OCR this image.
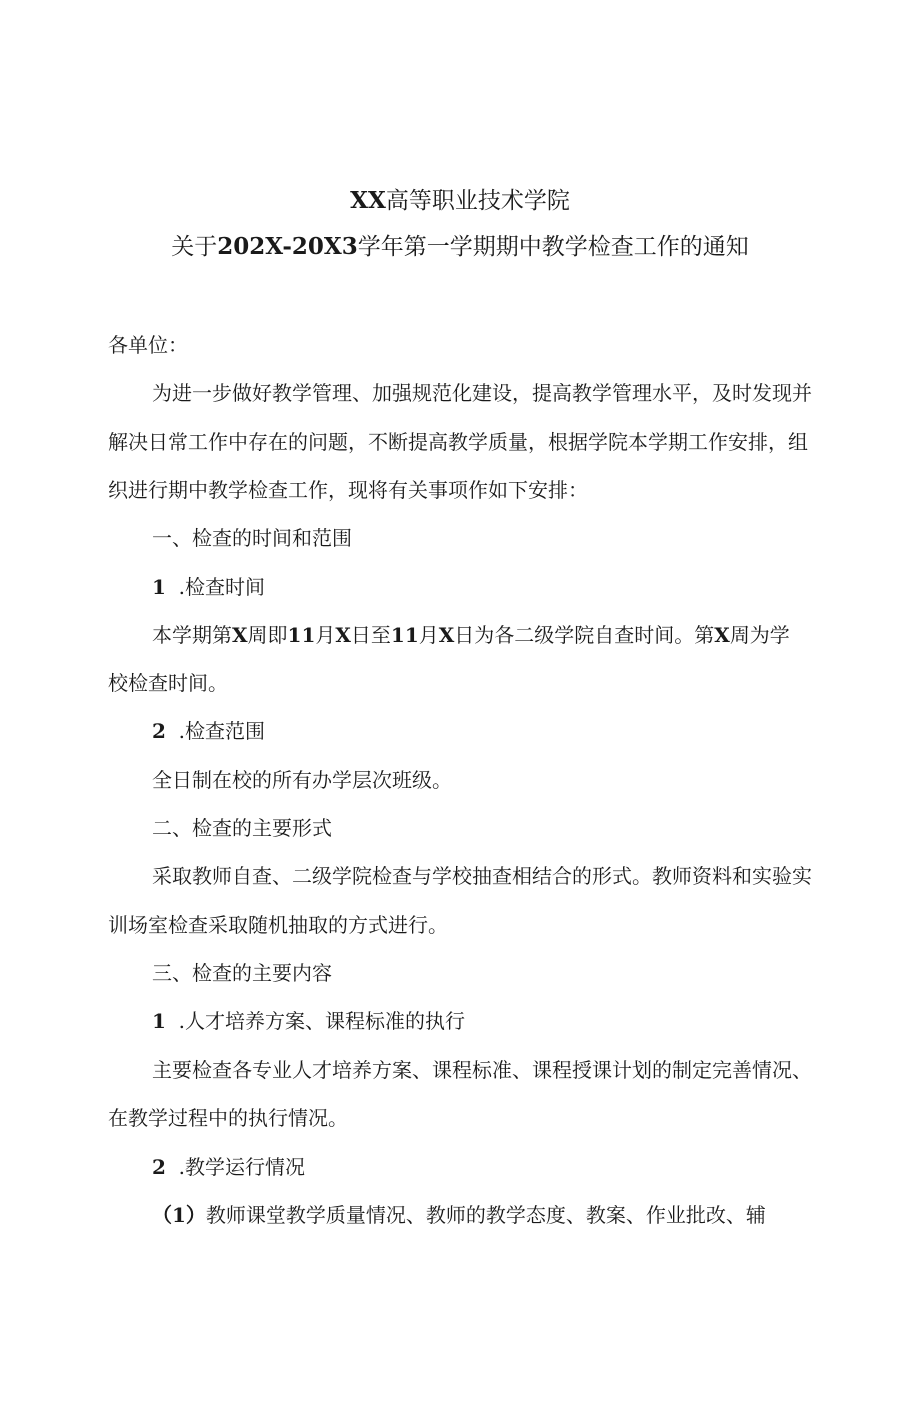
XX高等职业技术学院
关于202X-20X3学年第一学期期中教学检查工作的通知
各单位：
为进一步做好教学管理、加强规范化建设，提高教学管理水平，及时发现并
解决日常工作中存在的问题，不断提高教学质量，根据学院本学期工作安排，组
织进行期中教学检查工作，现将有关事项作如下安排：
一、检查的时间和范围
1 .检查时间
本学期第X周即11月X日至11月X日为各二级学院自查时间。第X周为学
校检查时间。
2 .检查范围
全日制在校的所有办学层次班级。
二、检查的主要形式
采取教师自查、二级学院检查与学校抽查相结合的形式。教师资料和实验实
训场室检查采取随机抽取的方式进行。
三、检查的主要内容
1 .人才培养方案、课程标准的执行
主要检查各专业人才培养方案、课程标准、课程授课计划的制定完善情况、
在教学过程中的执行情况。
2 .教学运行情况
（1）教师课堂教学质量情况、教师的教学态度、教案、作业批改、辅
